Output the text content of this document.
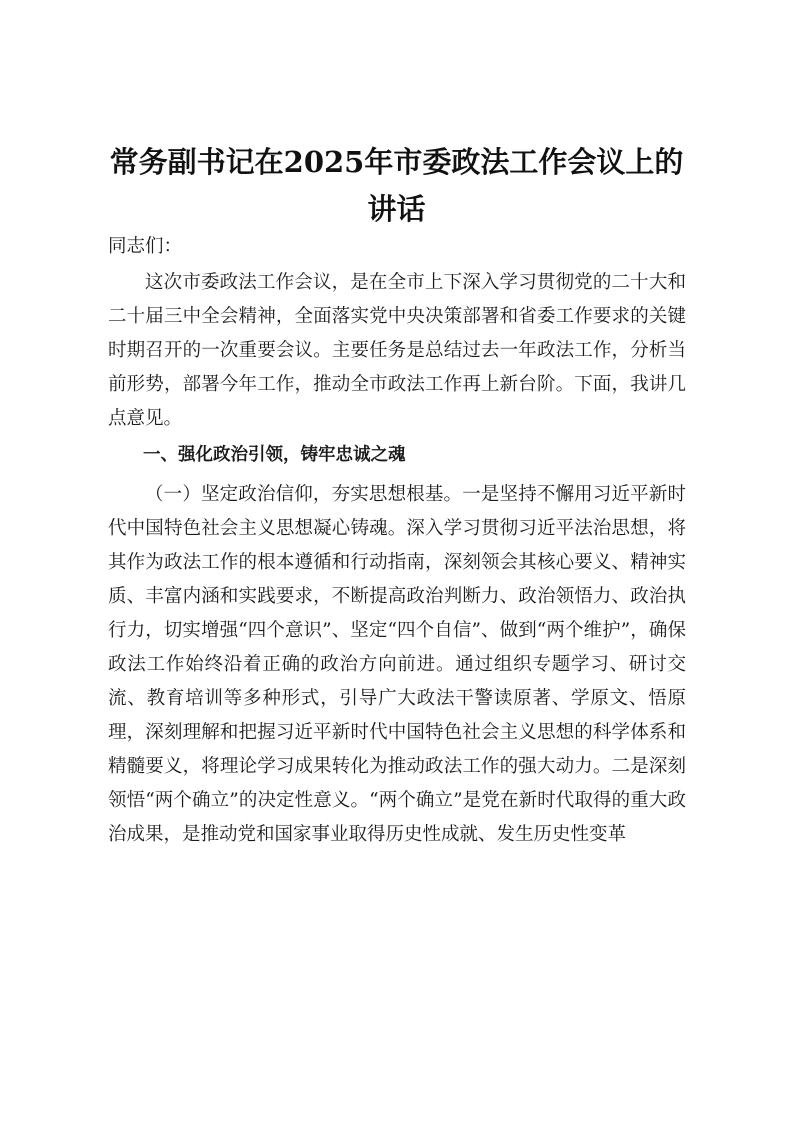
常务副书记在2025年市委政法工作会议上的
讲话

同志们：

这次市委政法工作会议，是在全市上下深入学习贯彻党的二十大和二十届三中全会精神，全面落实党中央决策部署和省委工作要求的关键时期召开的一次重要会议。主要任务是总结过去一年政法工作，分析当前形势，部署今年工作，推动全市政法工作再上新台阶。下面，我讲几点意见。

一、强化政治引领，铸牢忠诚之魂

（一）坚定政治信仰，夯实思想根基。一是坚持不懈用习近平新时代中国特色社会主义思想凝心铸魂。深入学习贯彻习近平法治思想，将其作为政法工作的根本遵循和行动指南，深刻领会其核心要义、精神实质、丰富内涵和实践要求，不断提高政治判断力、政治领悟力、政治执行力，切实增强“四个意识”、坚定“四个自信”、做到“两个维护”，确保政法工作始终沿着正确的政治方向前进。通过组织专题学习、研讨交流、教育培训等多种形式，引导广大政法干警读原著、学原文、悟原理，深刻理解和把握习近平新时代中国特色社会主义思想的科学体系和精髓要义，将理论学习成果转化为推动政法工作的强大动力。二是深刻领悟“两个确立”的决定性意义。“两个确立”是党在新时代取得的重大政治成果，是推动党和国家事业取得历史性成就、发生历史性变革
